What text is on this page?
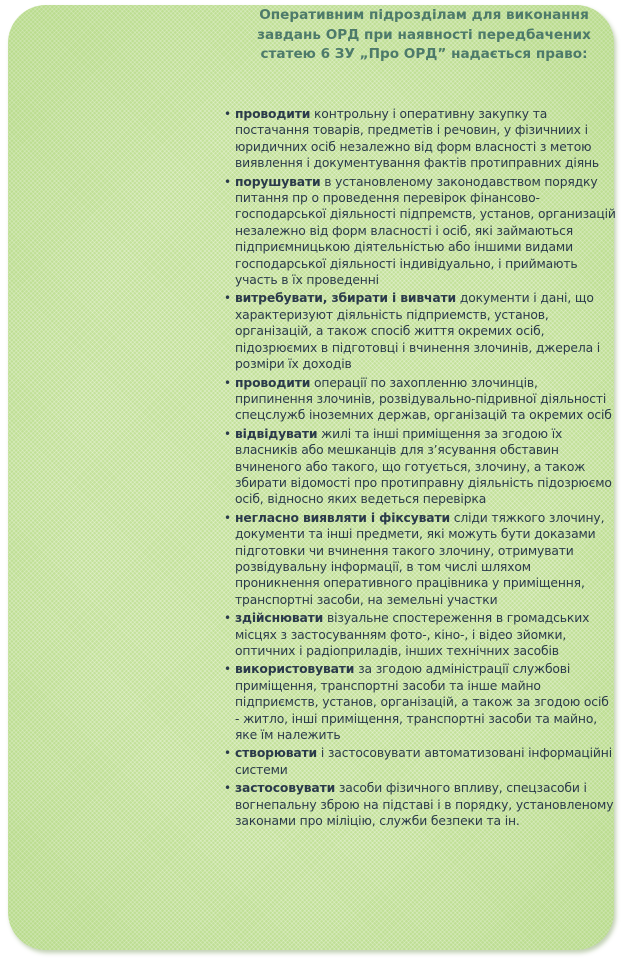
Оперативним підрозділам для виконання завдань ОРД при наявності передбачених статею 6 ЗУ „Про ОРД” надається право:
• проводити контрольну і оперативну закупку та постачання товарів, предметів і речовин, у фізичниих і юридичних осіб незалежно від форм власності з метою виявлення і документування фактів протиправних діянь
• порушувати в установленому законодавством порядку питання пр о проведення перевірок фінансово-господарської діяльності підпремств, установ, организацій незалежно від форм власності і осіб, які займаються підприємницькою діятельністью або іншими видами господарської діяльності індивідуально, і приймають участь в їх проведенні
• витребувати, збирати і вивчати документи і дані, що характеризуют діяльність підприемств, установ, організацій, а також спосіб життя окремих осіб, підозрюємих в підготовці і вчинення злочинів, джерела і розміри їх доходів
• проводити операції по захопленню злочинців, припинення злочинів, розвідувально-підривної діяльності спецслужб іноземних держав, організацій та окремих осіб
• відвідувати жилі та інші приміщення за згодою їх власників або мешканців для з’ясування обставин вчиненого або такого, що готується, злочину, а також збирати відомості про протиправну діяльність підозрюємо осіб, відносно яких ведеться перевірка
• негласно виявляти і фіксувати сліди тяжкого злочину, документи та інші предмети, які можуть бути доказами підготовки чи вчинення такого злочину, отримувати розвідувальну інформації, в том числі шляхом проникнення оперативного працівника у приміщення, транспортні засоби, на земельні участки
• здійснювати візуальне спостереження в громадських місцях з застосуванням фото-, кіно-, і відео зйомки, оптичних і радіоприладів, інших технічних засобів
• використовувати за згодою адміністрації службові приміщення, транспортні засоби та інше майно підприємств, установ, організацій, а також за згодою осіб - житло, інші приміщення, транспортні засоби та майно, яке їм належить
• створювати і застосовувати автоматизовані інформаційні системи
• застосовувати засоби фізичного впливу, спецзасоби і вогнепальну зброю на підставі і в порядку, установленому законами про міліцію, служби безпеки та ін.
